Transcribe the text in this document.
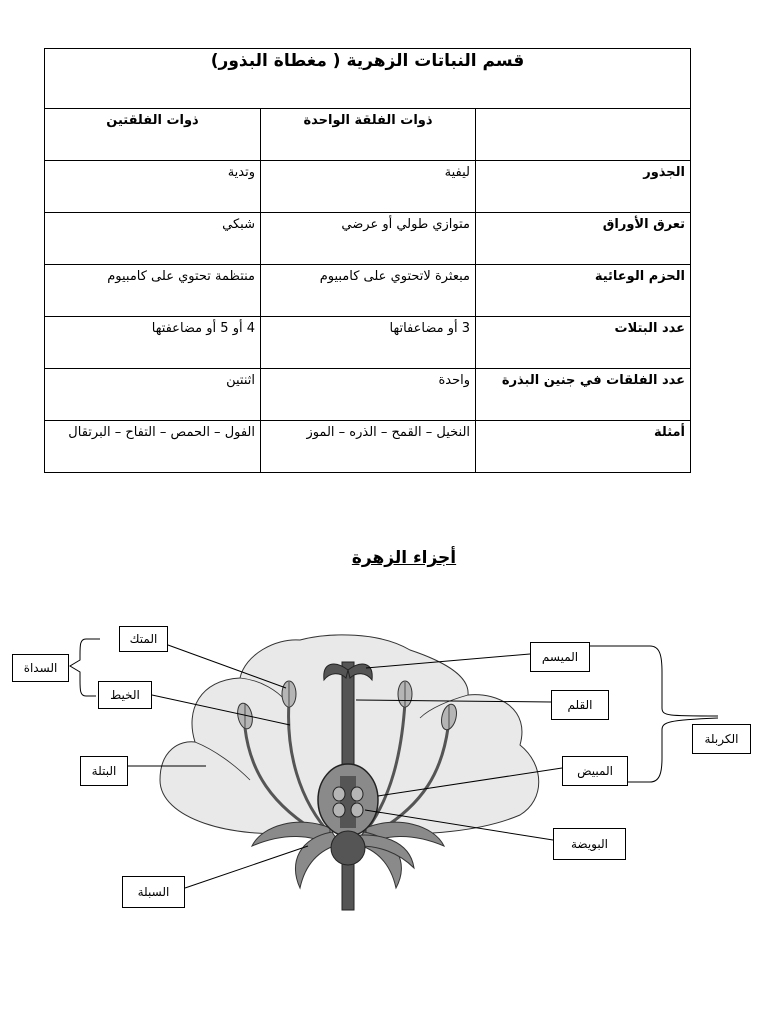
قسم النباتات الزهرية ( مغطاة البذور)		
	ذوات الفلقة الواحدة	ذوات الفلقتين
الجذور	ليفية	وتدية
تعرق الأوراق	متوازي طولي أو عرضي	شبكي
الحزم الوعائية	مبعثرة لاتحتوي على كامبيوم	منتظمة تحتوي على كامبيوم
عدد البتلات	3 أو مضاعفاتها	4 أو 5 أو مضاعفتها
عدد الفلقات في جنين البذرة	واحدة	اثنتين
أمثلة	النخيل – القمح – الذره – الموز	الفول – الحمص – التفاح – البرتقال
أجزاء الزهرة
المتك
السداة
الخيط
البتلة
السبلة
الميسم
القلم
الكربلة
المبيض
البويضة
